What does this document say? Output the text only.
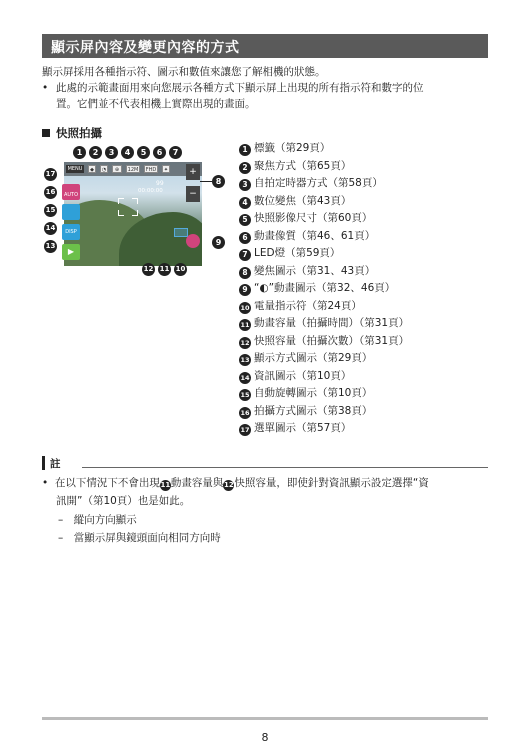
顯示屏內容及變更內容的方式
顯示屏採用各種指示符、圖示和數值來讓您了解相機的狀態。
• 此處的示範畫面用來向您展示各種方式下顯示屏上出現的所有指示符和數字的位
置。它們並不代表相機上實際出現的畫面。
快照拍攝
MENU	◆	◔	⊕	12M	FHD	✦
99
00:00:00
AUTO
DISP
▶
+
−
1	2	3	4	5	6	7
8
9
10
11
12
13
14
15
16
17
1 標籤（第29頁）
2 聚焦方式（第65頁）
3 自拍定時器方式（第58頁）
4 數位變焦（第43頁）
5 快照影像尺寸（第60頁）
6 動畫像質（第46、61頁）
7 LED燈（第59頁）
8 變焦圖示（第31、43頁）
9 “◐”動畫圖示（第32、46頁）
10 電量指示符（第24頁）
11 動畫容量（拍攝時間）（第31頁）
12 快照容量（拍攝次數）（第31頁）
13 顯示方式圖示（第29頁）
14 資訊圖示（第10頁）
15 自動旋轉圖示（第10頁）
16 拍攝方式圖示（第38頁）
17 選單圖示（第57頁）
註
• 在以下情況下不會出現11動畫容量與12快照容量，即使針對資訊顯示設定選擇“資
訊開”（第10頁）也是如此。
–　縱向方向顯示
–　當顯示屏與鏡頭面向相同方向時
8
